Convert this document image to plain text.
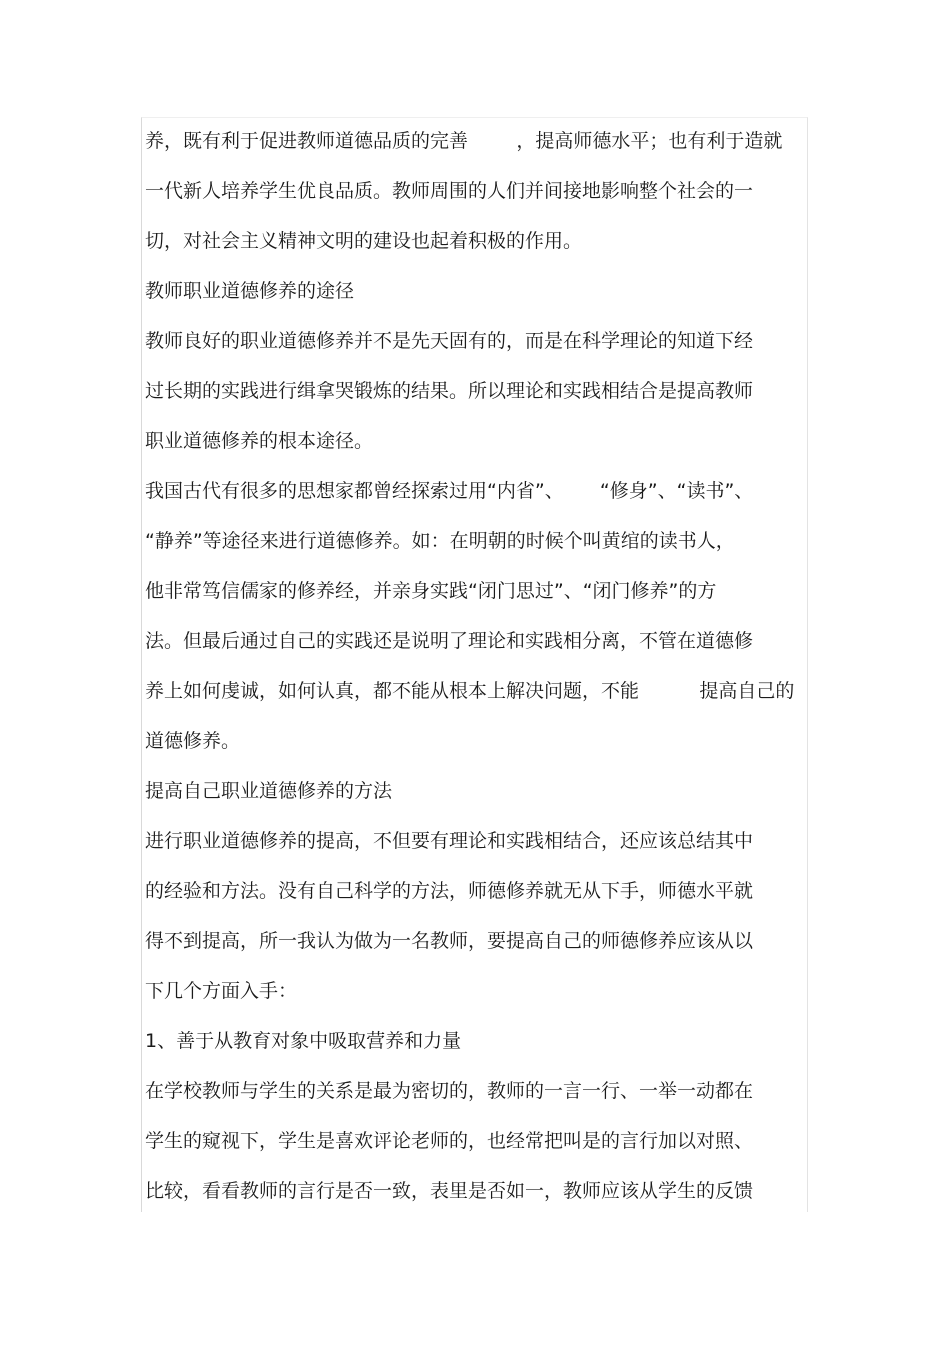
养，既有利于促进教师道德品质的完善        ，提高师德水平；也有利于造就
一代新人培养学生优良品质。教师周围的人们并间接地影响整个社会的一
切，对社会主义精神文明的建设也起着积极的作用。
教师职业道德修养的途径
教师良好的职业道德修养并不是先天固有的，而是在科学理论的知道下经
过长期的实践进行缉拿哭锻炼的结果。所以理论和实践相结合是提高教师
职业道德修养的根本途径。
我国古代有很多的思想家都曾经探索过用“内省”、      “修身”、“读书”、
“静养”等途径来进行道德修养。如：在明朝的时候个叫黄绾的读书人，
他非常笃信儒家的修养经，并亲身实践“闭门思过”、“闭门修养”的方
法。但最后通过自己的实践还是说明了理论和实践相分离，不管在道德修
养上如何虔诚，如何认真，都不能从根本上解决问题，不能          提高自己的
道德修养。
提高自己职业道德修养的方法
进行职业道德修养的提高，不但要有理论和实践相结合，还应该总结其中
的经验和方法。没有自己科学的方法，师德修养就无从下手，师德水平就
得不到提高，所一我认为做为一名教师，要提高自己的师德修养应该从以
下几个方面入手：
1、善于从教育对象中吸取营养和力量
在学校教师与学生的关系是最为密切的，教师的一言一行、一举一动都在
学生的窥视下，学生是喜欢评论老师的，也经常把叫是的言行加以对照、
比较，看看教师的言行是否一致，表里是否如一，教师应该从学生的反馈
